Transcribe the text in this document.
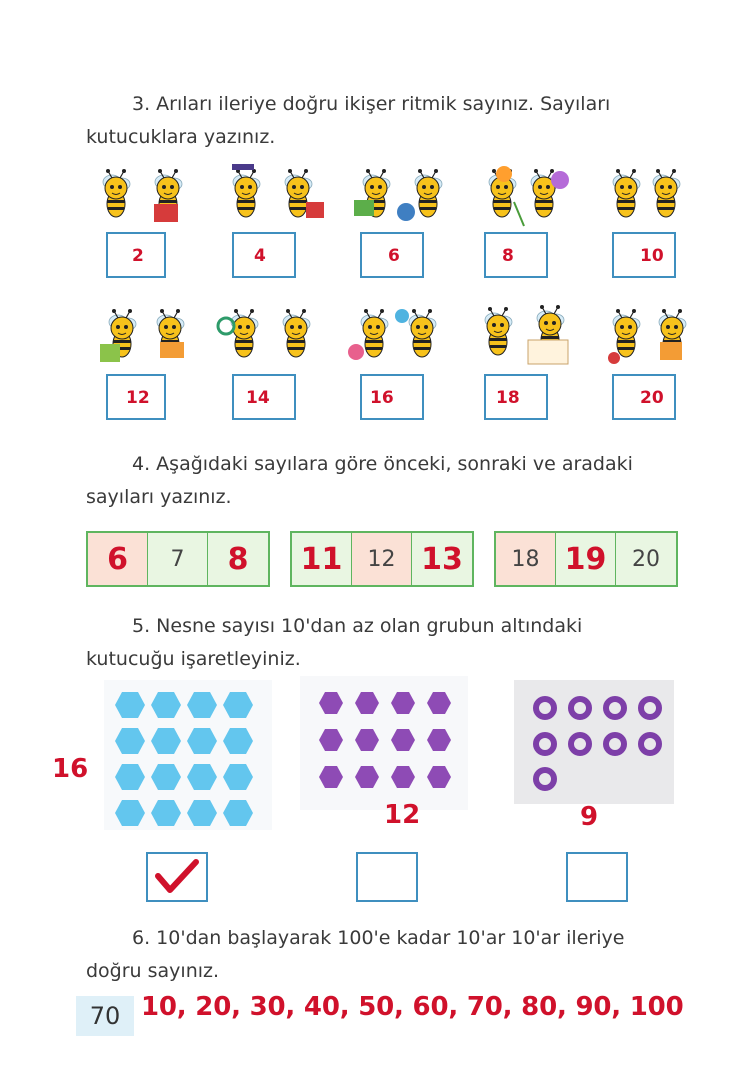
3. Arıları ileriye doğru ikişer ritmik sayınız. Sayıları
kutucuklara yazınız.
2	4	6	8	10
12	14	16	18	20
4. Aşağıdaki sayılara göre önceki, sonraki ve aradaki
sayıları yazınız.
6	7	8	11	12 13	18 19	20
5. Nesne sayısı 10'dan az olan grubun altındaki
kutucuğu işaretleyiniz.
16
12	9
6. 10'dan başlayarak 100'e kadar 10'ar 10'ar ileriye
doğru sayınız.
70 10, 20, 30, 40, 50, 60, 70, 80, 90, 100
